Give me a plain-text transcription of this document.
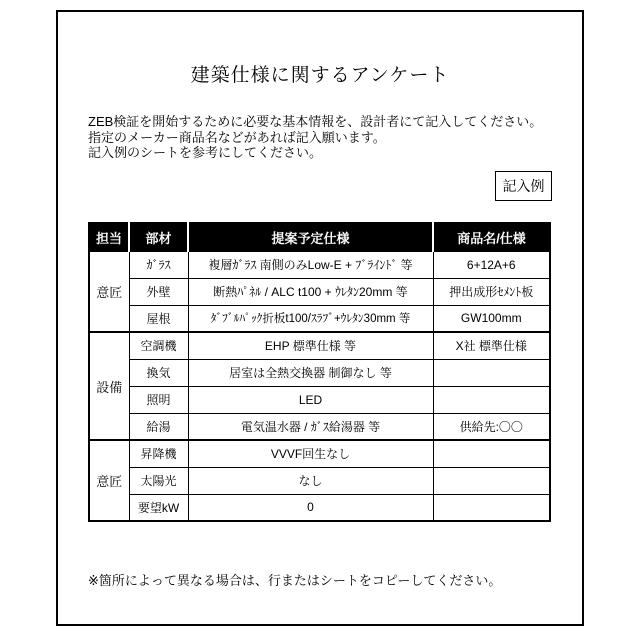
建築仕様に関するアンケート
ZEB検証を開始するために必要な基本情報を、設計者にて記入してください。
指定のメーカー商品名などがあれば記入願います。
記入例のシートを参考にしてください。
記入例
担当	部材	提案予定仕様	商品名/仕様
意匠	ｶﾞﾗｽ	複層ｶﾞﾗｽ 南側のみLow-E + ﾌﾞﾗｲﾝﾄﾞ 等	6+12A+6
	外壁	断熱ﾊﾟﾈﾙ / ALC t100 + ｳﾚﾀﾝ20mm 等	押出成形ｾﾒﾝﾄ板
	屋根	ﾀﾞﾌﾞﾙﾊﾟｯｸ折板t100/ｽﾗﾌﾞ+ｳﾚﾀﾝ30mm 等	GW100mm
設備	空調機	EHP 標準仕様 等	X社 標準仕様
	換気	居室は全熱交換器 制御なし 等	
	照明	LED	
	給湯	電気温水器 / ｶﾞｽ給湯器 等	供給先:〇〇
意匠	昇降機	VVVF回生なし	
	太陽光	なし	
	要望kW	0	
※箇所によって異なる場合は、行またはシートをコピーしてください。
